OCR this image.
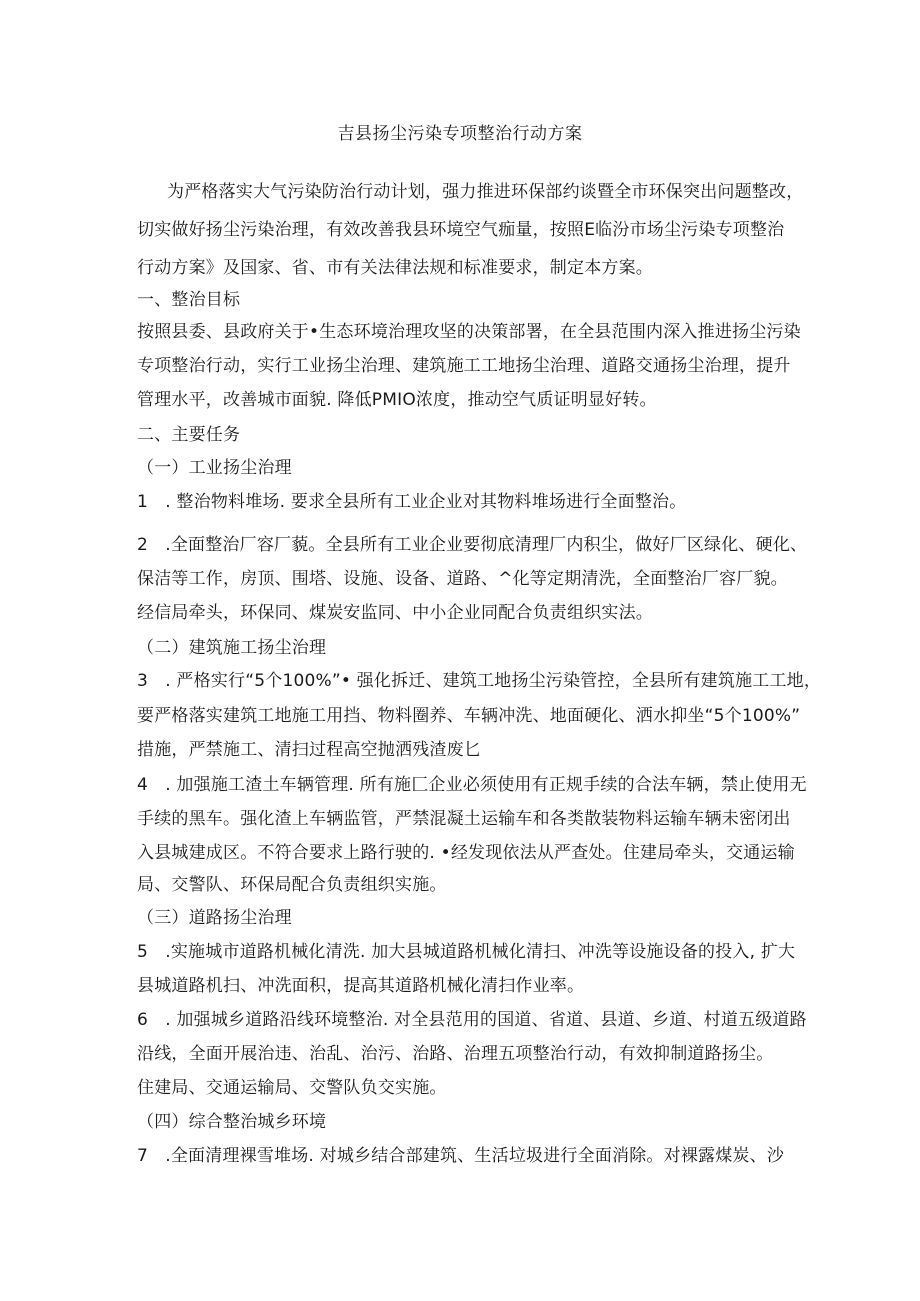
吉县扬尘污染专项整治行动方案
为严格落实大气污染防治行动计划，强力推进环保部约谈暨全市环保突出问题整改，
切实做好扬尘污染治理，有效改善我县环境空气痂量，按照E临汾市场尘污染专项整治
行动方案》及国家、省、市有关法律法规和标准要求，制定本方案。
一、整治目标
按照县委、县政府关于•生态环境治理攻坚的决策部署，在全县范围内深入推进扬尘污染
专项整治行动，实行工业扬尘治理、建筑施工工地扬尘治理、道路交通扬尘治理，提升
管理水平，改善城市面貌. 降低PMIO浓度，推动空气质证明显好转。
二、主要任务
（一）工业扬尘治理
1　. 整治物料堆场. 要求全县所有工业企业对其物料堆场进行全面整治。
2　.全面整治厂容厂藐。全县所有工业企业要彻底清理厂内积尘，做好厂区绿化、硬化、
保洁等工作，房顶、围塔、设施、设备、道路、^化等定期清洗，全面整治厂容厂貌。
经信局牵头，环保同、煤炭安监同、中小企业同配合负责组织实法。
（二）建筑施工扬尘治理
3　. 严格实行“5个100%”• 强化拆迁、建筑工地扬尘污染管控，全县所有建筑施工工地，
要严格落实建筑工地施工用挡、物料圈养、车辆冲洗、地面硬化、洒水抑坐“5个100%”
措施，严禁施工、清扫过程高空抛洒残渣废匕
4　. 加强施工渣土车辆管理. 所有施匚企业必须使用有正规手续的合法车辆，禁止使用无
手续的黑车。强化渣上车辆监管，严禁混凝土运输车和各类散装物料运输车辆未密闭出
入县城建成区。不符合要求上路行驶的. •经发现依法从严查处。住建局牵头，交通运输
局、交警队、环保局配合负责组织实施。
（三）道路扬尘治理
5　.实施城市道路机械化清洗. 加大县城道路机械化清扫、冲洗等设施设备的投入, 扩大
县城道路机扫、冲洗面积，提高其道路机械化清扫作业率。
6　. 加强城乡道路沿线环境整治. 对全县范用的国道、省道、县道、乡道、村道五级道路
沿线，全面开展治违、治乱、治污、治路、治理五项整治行动，有效抑制道路扬尘。
住建局、交通运输局、交警队负交实施。
（四）综合整治城乡环境
7　.全面清理裸雪堆场. 对城乡结合部建筑、生活垃圾进行全面消除。对裸露煤炭、沙
